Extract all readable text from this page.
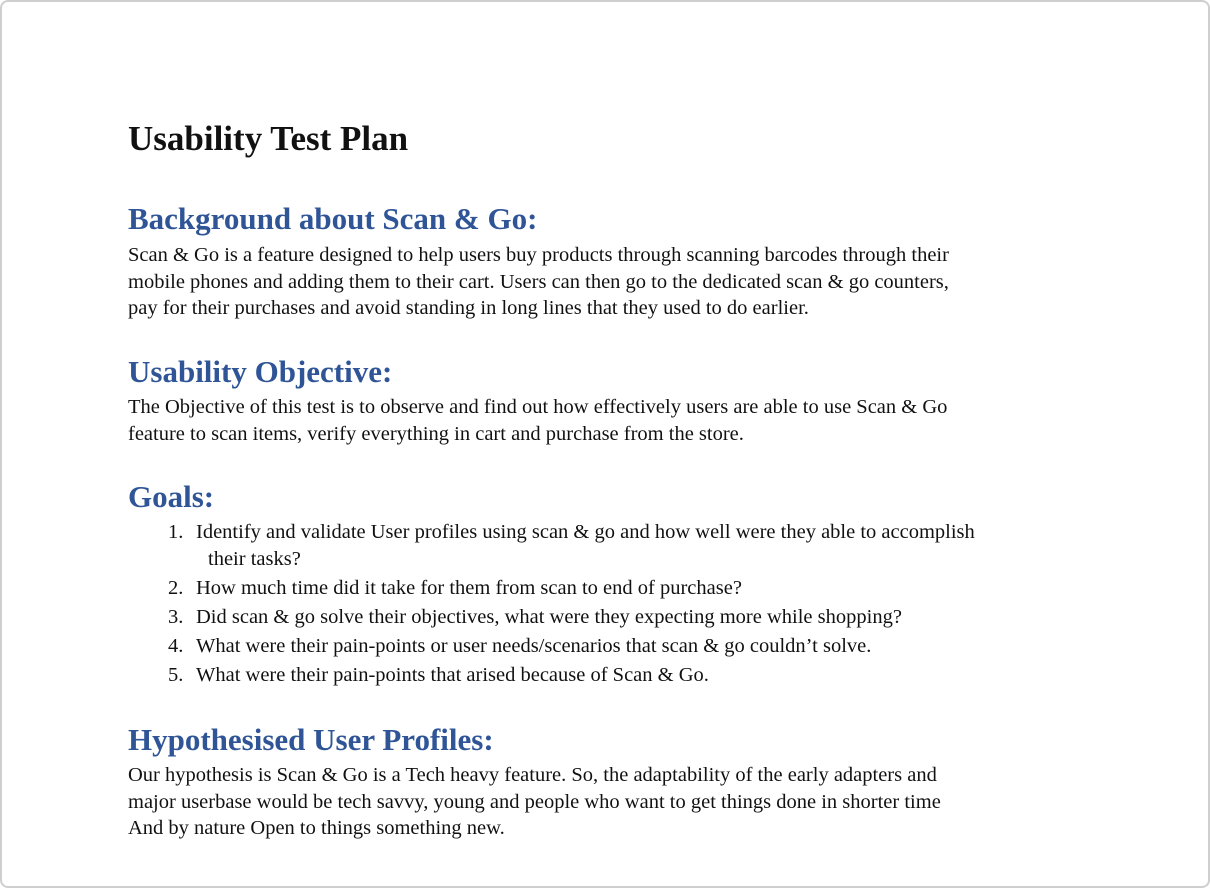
Usability Test Plan
Background about Scan & Go:

Scan & Go is a feature designed to help users buy products through scanning barcodes through their
mobile phones and adding them to their cart. Users can then go to the dedicated scan & go counters,
pay for their purchases and avoid standing in long lines that they used to do earlier.

Usability Objective:

The Objective of this test is to observe and find out how effectively users are able to use Scan & Go
feature to scan items, verify everything in cart and purchase from the store.

Goals:
1. Identify and validate User profiles using scan & go and how well were they able to accomplish
their tasks?
2. How much time did it take for them from scan to end of purchase?
3. Did scan & go solve their objectives, what were they expecting more while shopping?
4. What were their pain-points or user needs/scenarios that scan & go couldn’t solve.
5. What were their pain-points that arised because of Scan & Go.
Hypothesised User Profiles:

Our hypothesis is Scan & Go is a Tech heavy feature. So, the adaptability of the early adapters and
major userbase would be tech savvy, young and people who want to get things done in shorter time
And by nature Open to things something new.
